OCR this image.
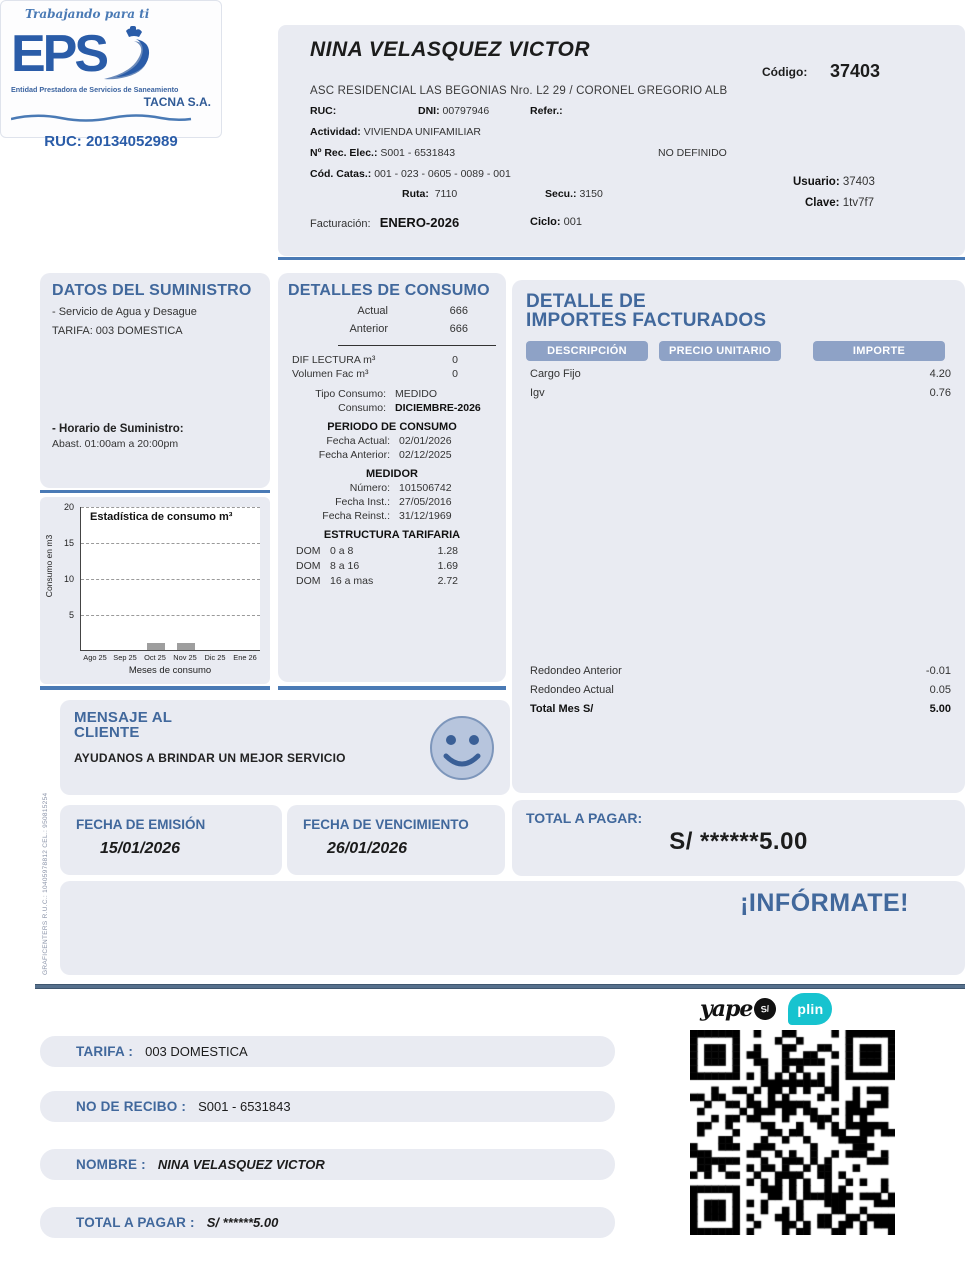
Trabajando para ti
EPS
Entidad Prestadora de Servicios de Saneamiento
TACNA S.A.
RUC: 20134052989
NINA VELASQUEZ VICTOR
Código: 37403
ASC RESIDENCIAL LAS BEGONIAS Nro. L2 29 / CORONEL GREGORIO ALB
RUC:	DNI: 00797946	Refer.:
Actividad: VIVIENDA UNIFAMILIAR
Nº Rec. Elec.: S001 - 6531843	NO DEFINIDO
Cód. Catas.: 001 - 023 - 0605 - 0089 - 001
Ruta: 7110	Secu.: 3150
Usuario: 37403
Clave: 1tv7f7
Facturación: ENERO-2026	Ciclo: 001
DATOS DEL SUMINISTRO
- Servicio de Agua y Desague
TARIFA: 003 DOMESTICA
- Horario de Suministro:
Abast. 01:00am a 20:00pm
Consumo en m3
Estadística de consumo m³
Ago 25 Sep 25 Oct 25 Nov 25	Dic 25	Ene 26
Meses de consumo
5
10
15
20
DETALLES DE CONSUMO
Actual	666
Anterior	666
DIF LECTURA m³	0
Volumen Fac m³	0
Tipo Consumo: MEDIDO
Consumo: DICIEMBRE-2026
PERIODO DE CONSUMO
Fecha Actual: 02/01/2026
Fecha Anterior: 02/12/2025
MEDIDOR
Número: 101506742
Fecha Inst.: 27/05/2016
Fecha Reinst.: 31/12/1969
ESTRUCTURA TARIFARIA
DOM 0 a 8	1.28
DOM 8 a 16	1.69
DOM 16 a mas	2.72
DETALLE DE
IMPORTES FACTURADOS
DESCRIPCIÓN	PRECIO UNITARIO	IMPORTE
Cargo Fijo	4.20
Igv	0.76
Redondeo Anterior	-0.01
Redondeo Actual	0.05
Total Mes S/	5.00
MENSAJE AL
CLIENTE
AYUDANOS A BRINDAR UN MEJOR SERVICIO
FECHA DE EMISIÓN
15/01/2026
FECHA DE VENCIMIENTO
26/01/2026
TOTAL A PAGAR:
S/ ******5.00
¡INFÓRMATE!
GRAFICENTERS R.U.C.: 10405978812 CEL.: 950815254
yape S/	plin
TARIFA : 003 DOMESTICA
NO DE RECIBO : S001 - 6531843
NOMBRE : NINA VELASQUEZ VICTOR
TOTAL A PAGAR : S/ ******5.00
